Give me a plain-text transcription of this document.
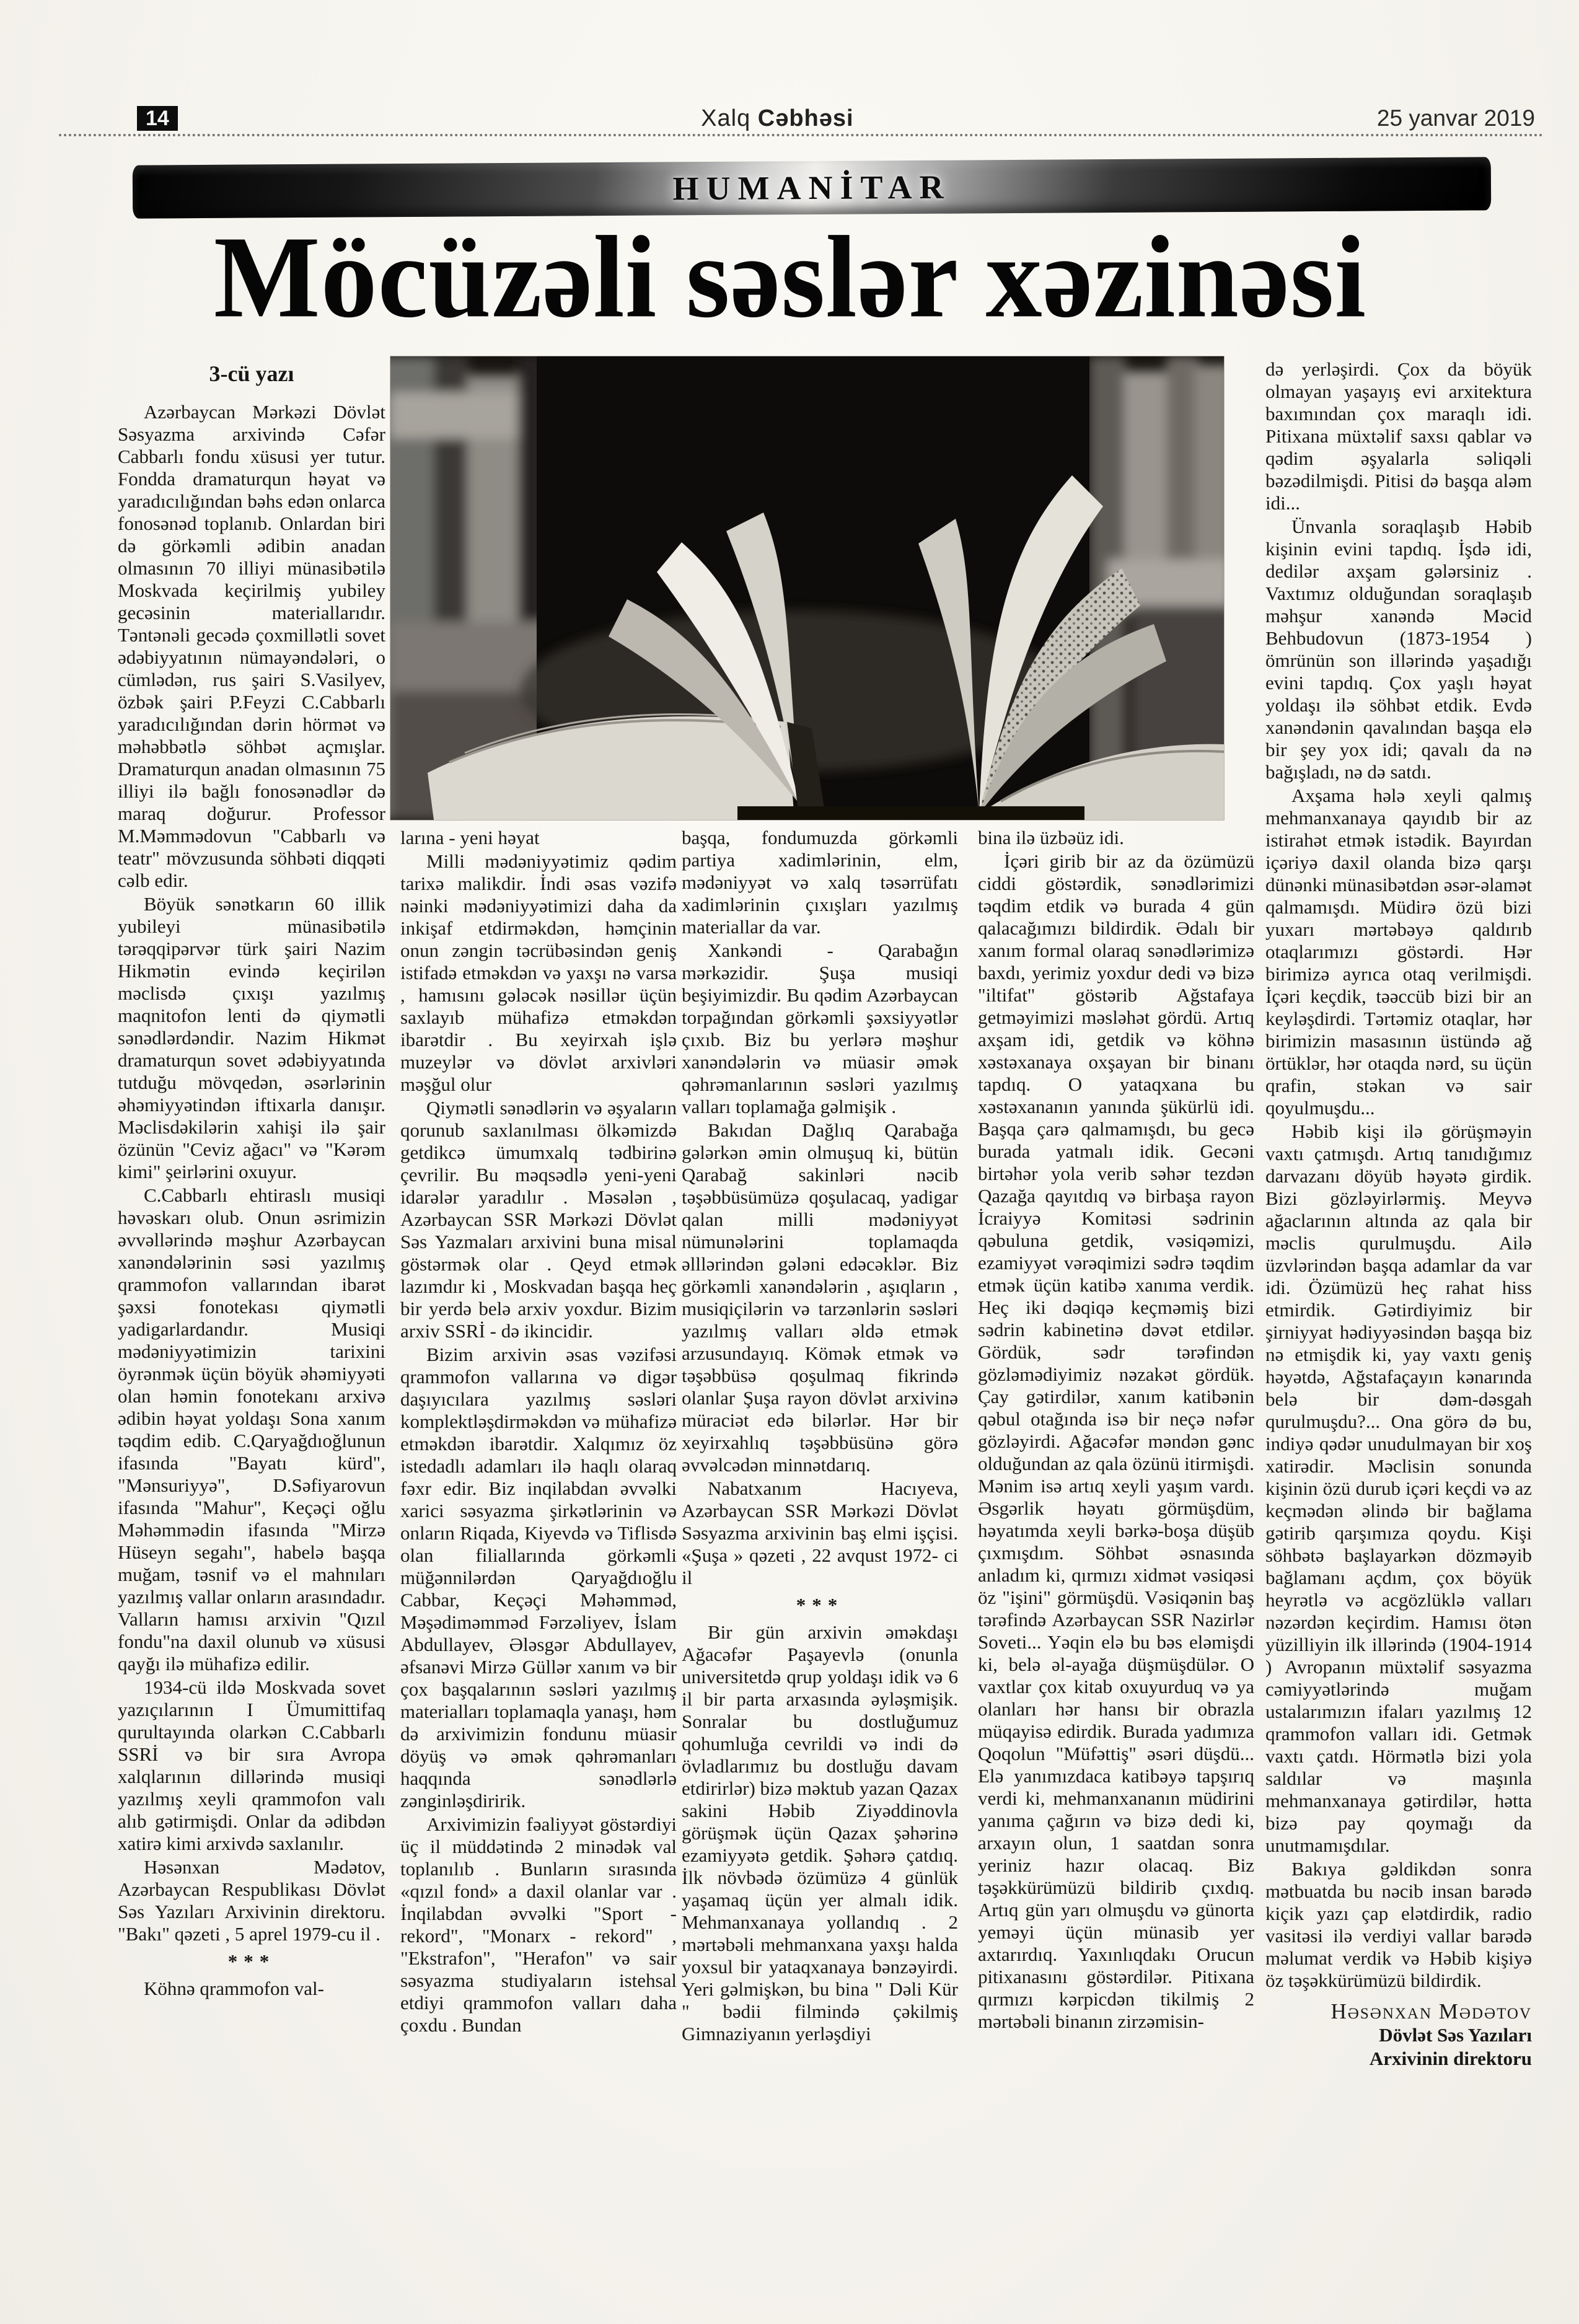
14	Xalq Cəbhəsi	25 yanvar 2019
HUMANİTAR
Möcüzəli səslər xəzinəsi

3-cü yazı

Azərbaycan Mərkəzi Dövlət Səsyazma arxivində Cəfər Cabbarlı fondu xüsusi yer tutur. Fondda dramaturqun həyat və yaradıcılığından bəhs edən onlarca fonosənəd toplanıb. Onlardan biri də görkəmli ədibin anadan olmasının 70 illiyi münasibətilə Moskvada keçirilmiş yubiley gecəsinin materiallarıdır. Təntənəli gecədə çoxmillətli sovet ədəbiyyatının nümayəndələri, o cümlədən, rus şairi S.Vasilyev, özbək şairi P.Feyzi C.Cabbarlı yaradıcılığından dərin hörmət və məhəbbətlə söhbət açmışlar. Dramaturqun anadan olmasının 75 illiyi ilə bağlı fonosənədlər də maraq doğurur. Professor M.Məmmədovun "Cabbarlı və teatr" mövzusunda söhbəti diqqəti cəlb edir.

Böyük sənətkarın 60 illik yubileyi münasibətilə tərəqqipərvər türk şairi Nazim Hikmətin evində keçirilən məclisdə çıxışı yazılmış maqnitofon lenti də qiymətli sənədlərdəndir. Nazim Hikmət dramaturqun sovet ədəbiyyatında tutduğu mövqedən, əsərlərinin əhəmiyyətindən iftixarla danışır. Məclisdəkilərin xahişi ilə şair özünün "Ceviz ağacı" və "Kərəm kimi" şeirlərini oxuyur.

C.Cabbarlı ehtiraslı musiqi həvəskarı olub. Onun əsrimizin əvvəllərində məşhur Azərbaycan xanəndələrinin səsi yazılmış qrammofon vallarından ibarət şəxsi fonotekası qiymətli yadigarlardandır. Musiqi mədəniyyətimizin tarixini öyrənmək üçün böyük əhəmiyyəti olan həmin fonotekanı arxivə ədibin həyat yoldaşı Sona xanım təqdim edib. C.Qaryağdıoğlunun ifasında "Bayatı kürd", "Mənsuriyyə", D.Səfiyarovun ifasında "Mahur", Keçəçi oğlu Məhəmmədin ifasında "Mirzə Hüseyn segahı", habelə başqa muğam, təsnif və el mahnıları yazılmış vallar onların arasındadır. Valların hamısı arxivin "Qızıl fondu"na daxil olunub və xüsusi qayğı ilə mühafizə edilir.

1934-cü ildə Moskvada sovet yazıçılarının I Ümumittifaq qurultayında olarkən C.Cabbarlı SSRİ və bir sıra Avropa xalqlarının dillərində musiqi yazılmış xeyli qrammofon valı alıb gətirmişdi. Onlar da ədibdən xatirə kimi arxivdə saxlanılır.

Həsənxan Mədətov, Azərbaycan Respublikası Dövlət Səs Yazıları Arxivinin direktoru. "Bakı" qəzeti , 5 aprel 1979-cu il .

***

Köhnə qrammofon val-

larına - yeni həyat

Milli mədəniyyətimiz qədim tarixə malikdir. İndi əsas vəzifə nəinki mədəniyyətimizi daha da inkişaf etdirməkdən, həmçinin onun zəngin təcrübəsindən geniş istifadə etməkdən və yaxşı nə varsa , hamısını gələcək nəsillər üçün saxlayıb mühafizə etməkdən ibarətdir . Bu xeyirxah işlə muzeylər və dövlət arxivləri məşğul olur

Qiymətli sənədlərin və əşyaların qorunub saxlanılması ölkəmizdə getdikcə ümumxalq tədbirinə çevrilir. Bu məqsədlə yeni-yeni idarələr yaradılır . Məsələn , Azərbaycan SSR Mərkəzi Dövlət Səs Yazmaları arxivini buna misal göstərmək olar . Qeyd etmək lazımdır ki , Moskvadan başqa heç bir yerdə belə arxiv yoxdur. Bizim arxiv SSRİ - də ikincidir.

Bizim arxivin əsas vəzifəsi qrammofon vallarına və digər daşıyıcılara yazılmış səsləri komplektləşdirməkdən və mühafizə etməkdən ibarətdir. Xalqımız öz istedadlı adamları ilə haqlı olaraq fəxr edir. Biz inqilabdan əvvəlki xarici səsyazma şirkətlərinin və onların Riqada, Kiyevdə və Tiflisdə olan filiallarında görkəmli müğənnilərdən Qaryağdıoğlu Cabbar, Keçəçi Məhəmməd, Məşədiməmməd Fərzəliyev, İslam Abdullayev, Ələsgər Abdullayev, əfsanəvi Mirzə Güllər xanım və bir çox başqalarının səsləri yazılmış materialları toplamaqla yanaşı, həm də arxivimizin fondunu müasir döyüş və əmək qəhrəmanları haqqında sənədlərlə zənginləşdiririk.

Arxivimizin fəaliyyət göstərdiyi üç il müddətində 2 minədək val toplanılıb . Bunların sırasında «qızıl fond» a daxil olanlar var . İnqilabdan əvvəlki "Sport - rekord", "Monarx - rekord" , "Ekstrafon", "Herafon" və sair səsyazma studiyaların istehsal etdiyi qrammofon valları daha çoxdu . Bundan

başqa, fondumuzda görkəmli partiya xadimlərinin, elm, mədəniyyət və xalq təsərrüfatı xadimlərinin çıxışları yazılmış materiallar da var.

Xankəndi - Qarabağın mərkəzidir. Şuşa musiqi beşiyimizdir. Bu qədim Azərbaycan torpağından görkəmli şəxsiyyətlər çıxıb. Biz bu yerlərə məşhur xanəndələrin və müasir əmək qəhrəmanlarının səsləri yazılmış valları toplamağa gəlmişik .

Bakıdan Dağlıq Qarabağa gələrkən əmin olmuşuq ki, bütün Qarabağ sakinləri nəcib təşəbbüsümüzə qoşulacaq, yadigar qalan milli mədəniyyət nümunələrini toplamaqda əlllərindən gələni edəcəklər. Biz görkəmli xanəndələrin , aşıqların , musiqiçilərin və tarzənlərin səsləri yazılmış valları əldə etmək arzusundayıq. Kömək etmək və təşəbbüsə qoşulmaq fikrində olanlar Şuşa rayon dövlət arxivinə müraciət edə bilərlər. Hər bir xeyirxahlıq təşəbbüsünə görə əvvəlcədən minnətdarıq.

Nabatxanım Hacıyeva, Azərbaycan SSR Mərkəzi Dövlət Səsyazma arxivinin baş elmi işçisi. «Şuşa » qəzeti , 22 avqust 1972- ci il

***

Bir gün arxivin əməkdaşı Ağacəfər Paşayevlə (onunla universitetdə qrup yoldaşı idik və 6 il bir parta arxasında əyləşmişik. Sonralar bu dostluğumuz qohumluğa cevrildi və indi də övladlarımız bu dostluğu davam etdirirlər) bizə məktub yazan Qazax sakini Həbib Ziyəddinovla görüşmək üçün Qazax şəhərinə ezamiyyətə getdik. Şəhərə çatdıq. İlk növbədə özümüzə 4 günlük yaşamaq üçün yer almalı idik. Mehmanxanaya yollandıq . 2 mərtəbəli mehmanxana yaxşı halda yoxsul bir yataqxanaya bənzəyirdi. Yeri gəlmişkən, bu bina " Dəli Kür " bədii filmində çəkilmiş Gimnaziyanın yerləşdiyi

bina ilə üzbəüz idi.

İçəri girib bir az da özümüzü ciddi göstərdik, sənədlərimizi təqdim etdik və burada 4 gün qalacağımızı bildirdik. Ədalı bir xanım formal olaraq sənədlərimizə baxdı, yerimiz yoxdur dedi və bizə "iltifat" göstərib Ağstafaya getməyimizi məsləhət gördü. Artıq axşam idi, getdik və köhnə xəstəxanaya oxşayan bir binanı tapdıq. O yataqxana bu xəstəxananın yanında şükürlü idi. Başqa çarə qalmamışdı, bu gecə burada yatmalı idik. Gecəni birtəhər yola verib səhər tezdən Qazağa qayıtdıq və birbaşa rayon İcraiyyə Komitəsi sədrinin qəbuluna getdik, vəsiqəmizi, ezamiyyət vərəqimizi sədrə təqdim etmək üçün katibə xanıma verdik. Heç iki dəqiqə keçməmiş bizi sədrin kabinetinə dəvət etdilər. Gördük, sədr tərəfindən gözləmədiyimiz nəzakət gördük. Çay gətirdilər, xanım katibənin qəbul otağında isə bir neçə nəfər gözləyirdi. Ağacəfər məndən gənc olduğundan az qala özünü itirmişdi. Mənim isə artıq xeyli yaşım vardı. Əsgərlik həyatı görmüşdüm, həyatımda xeyli bərkə-boşa düşüb çıxmışdım. Söhbət əsnasında anladım ki, qırmızı xidmət vəsiqəsi öz "işini" görmüşdü. Vəsiqənin baş tərəfində Azərbaycan SSR Nazirlər Soveti... Yəqin elə bu bəs eləmişdi ki, belə əl-ayağa düşmüşdülər. O vaxtlar çox kitab oxuyurduq və ya olanları hər hansı bir obrazla müqayisə edirdik. Burada yadımıza Qoqolun "Müfəttiş" əsəri düşdü... Elə yanımızdaca katibəyə tapşırıq verdi ki, mehmanxananın müdirini yanıma çağırın və bizə dedi ki, arxayın olun, 1 saatdan sonra yeriniz hazır olacaq. Biz təşəkkürümüzü bildirib çıxdıq. Artıq gün yarı olmuşdu və günorta yeməyi üçün münasib yer axtarırdıq. Yaxınlıqdakı Orucun pitixanasını göstərdilər. Pitixana qırmızı kərpicdən tikilmiş 2 mərtəbəli binanın zirzəmisin-

də yerləşirdi. Çox da böyük olmayan yaşayış evi arxitektura baxımından çox maraqlı idi. Pitixana müxtəlif saxsı qablar və qədim əşyalarla səliqəli bəzədilmişdi. Pitisi də başqa aləm idi...

Ünvanla soraqlaşıb Həbib kişinin evini tapdıq. İşdə idi, dedilər axşam gələrsiniz . Vaxtımız olduğundan soraqlaşıb məhşur xanəndə Məcid Behbudovun (1873-1954 ) ömrünün son illərində yaşadığı evini tapdıq. Çox yaşlı həyat yoldaşı ilə söhbət etdik. Evdə xanəndənin qavalından başqa elə bir şey yox idi; qavalı da nə bağışladı, nə də satdı.

Axşama hələ xeyli qalmış mehmanxanaya qayıdıb bir az istirahət etmək istədik. Bayırdan içəriyə daxil olanda bizə qarşı dünənki münasibətdən əsər-əlamət qalmamışdı. Müdirə özü bizi yuxarı mərtəbəyə qaldırıb otaqlarımızı göstərdi. Hər birimizə ayrıca otaq verilmişdi. İçəri keçdik, təəccüb bizi bir an keyləşdirdi. Tərtəmiz otaqlar, hər birimizin masasının üstündə ağ örtüklər, hər otaqda nərd, su üçün qrafin, stəkan və sair qoyulmuşdu...

Həbib kişi ilə görüşməyin vaxtı çatmışdı. Artıq tanıdığımız darvazanı döyüb həyətə girdik. Bizi gözləyirlərmiş. Meyvə ağaclarının altında az qala bir məclis qurulmuşdu. Ailə üzvlərindən başqa adamlar da var idi. Özümüzü heç rahat hiss etmirdik. Gətirdiyimiz bir şirniyyat hədiyyəsindən başqa biz nə etmişdik ki, yay vaxtı geniş həyətdə, Ağstafaçayın kənarında belə bir dəm-dəsgah qurulmuşdu?... Ona görə də bu, indiyə qədər unudulmayan bir xoş xatirədir. Məclisin sonunda kişinin özü durub içəri keçdi və az keçmədən əlində bir bağlama gətirib qarşımıza qoydu. Kişi söhbətə başlayarkən dözməyib bağlamanı açdım, çox böyük heyrətlə və acgözlüklə valları nəzərdən keçirdim. Hamısı ötən yüzilliyin ilk illərində (1904-1914 ) Avropanın müxtəlif səsyazma cəmiyyətlərində muğam ustalarımızın ifaları yazılmış 12 qrammofon valları idi. Getmək vaxtı çatdı. Hörmətlə bizi yola saldılar və maşınla mehmanxanaya gətirdilər, hətta bizə pay qoymağı da unutmamışdılar.

Bakıya gəldikdən sonra mətbuatda bu nəcib insan barədə kiçik yazı çap elətdirdik, radio vasitəsi ilə verdiyi vallar barədə məlumat verdik və Həbib kişiyə öz təşəkkürümüzü bildirdik.

Həsənxan Mədətov

Dövlət Səs Yazıları

Arxivinin direktoru
